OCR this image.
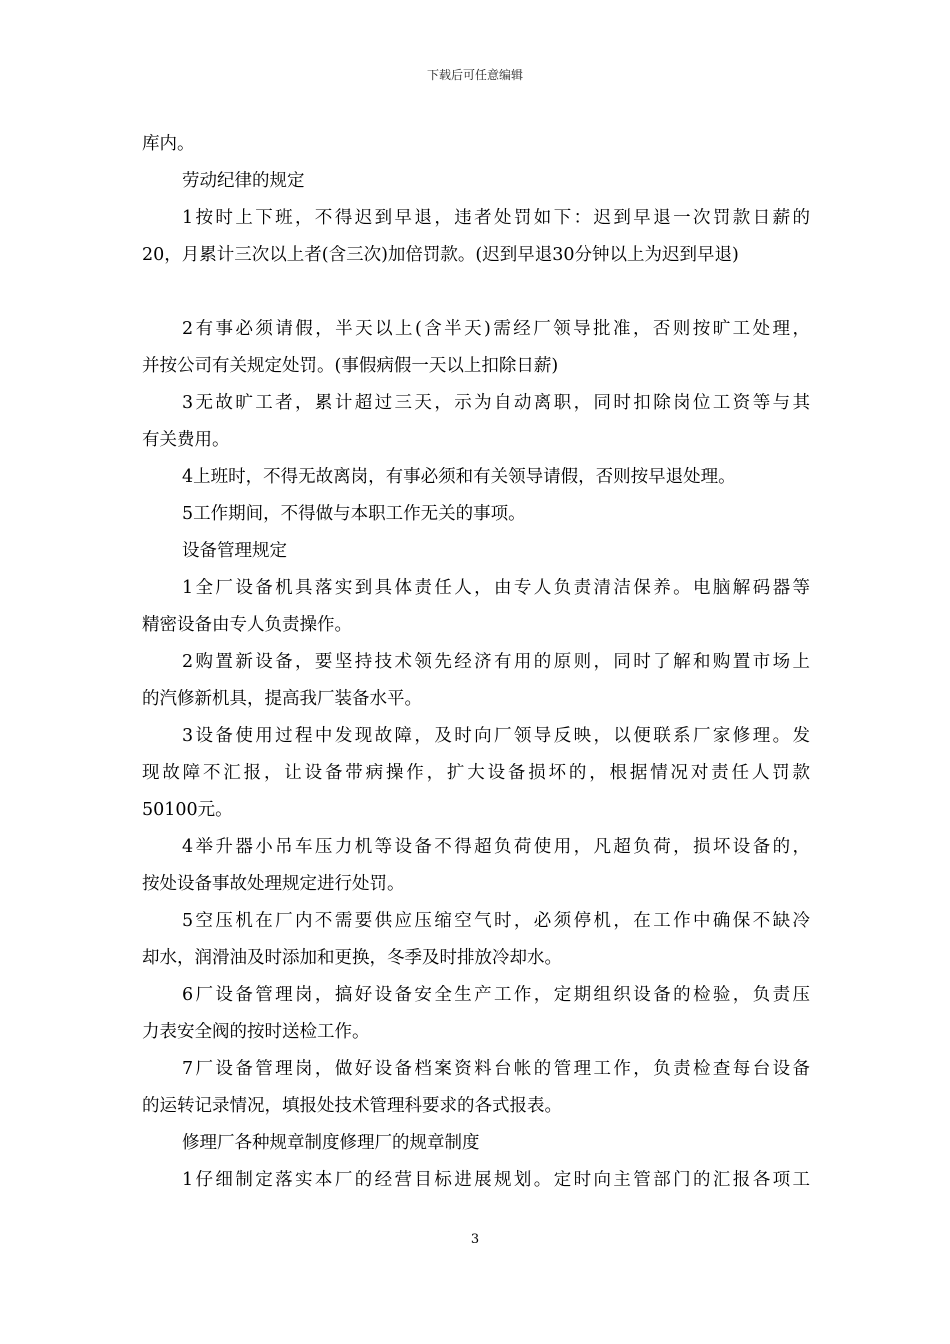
下载后可任意编辑
库内。
劳动纪律的规定
1按时上下班，不得迟到早退，违者处罚如下：迟到早退一次罚款日薪的
20，月累计三次以上者(含三次)加倍罚款。(迟到早退30分钟以上为迟到早退)
2有事必须请假，半天以上(含半天)需经厂领导批准，否则按旷工处理，
并按公司有关规定处罚。(事假病假一天以上扣除日薪)
3无故旷工者，累计超过三天，示为自动离职，同时扣除岗位工资等与其
有关费用。
4上班时，不得无故离岗，有事必须和有关领导请假，否则按早退处理。
5工作期间，不得做与本职工作无关的事项。
设备管理规定
1全厂设备机具落实到具体责任人，由专人负责清洁保养。电脑解码器等
精密设备由专人负责操作。
2购置新设备，要坚持技术领先经济有用的原则，同时了解和购置市场上
的汽修新机具，提高我厂装备水平。
3设备使用过程中发现故障，及时向厂领导反映，以便联系厂家修理。发
现故障不汇报，让设备带病操作，扩大设备损坏的，根据情况对责任人罚款
50100元。
4举升器小吊车压力机等设备不得超负荷使用，凡超负荷，损坏设备的，
按处设备事故处理规定进行处罚。
5空压机在厂内不需要供应压缩空气时，必须停机，在工作中确保不缺冷
却水，润滑油及时添加和更换，冬季及时排放冷却水。
6厂设备管理岗，搞好设备安全生产工作，定期组织设备的检验，负责压
力表安全阀的按时送检工作。
7厂设备管理岗，做好设备档案资料台帐的管理工作，负责检查每台设备
的运转记录情况，填报处技术管理科要求的各式报表。
修理厂各种规章制度修理厂的规章制度
1仔细制定落实本厂的经营目标进展规划。定时向主管部门的汇报各项工
3
